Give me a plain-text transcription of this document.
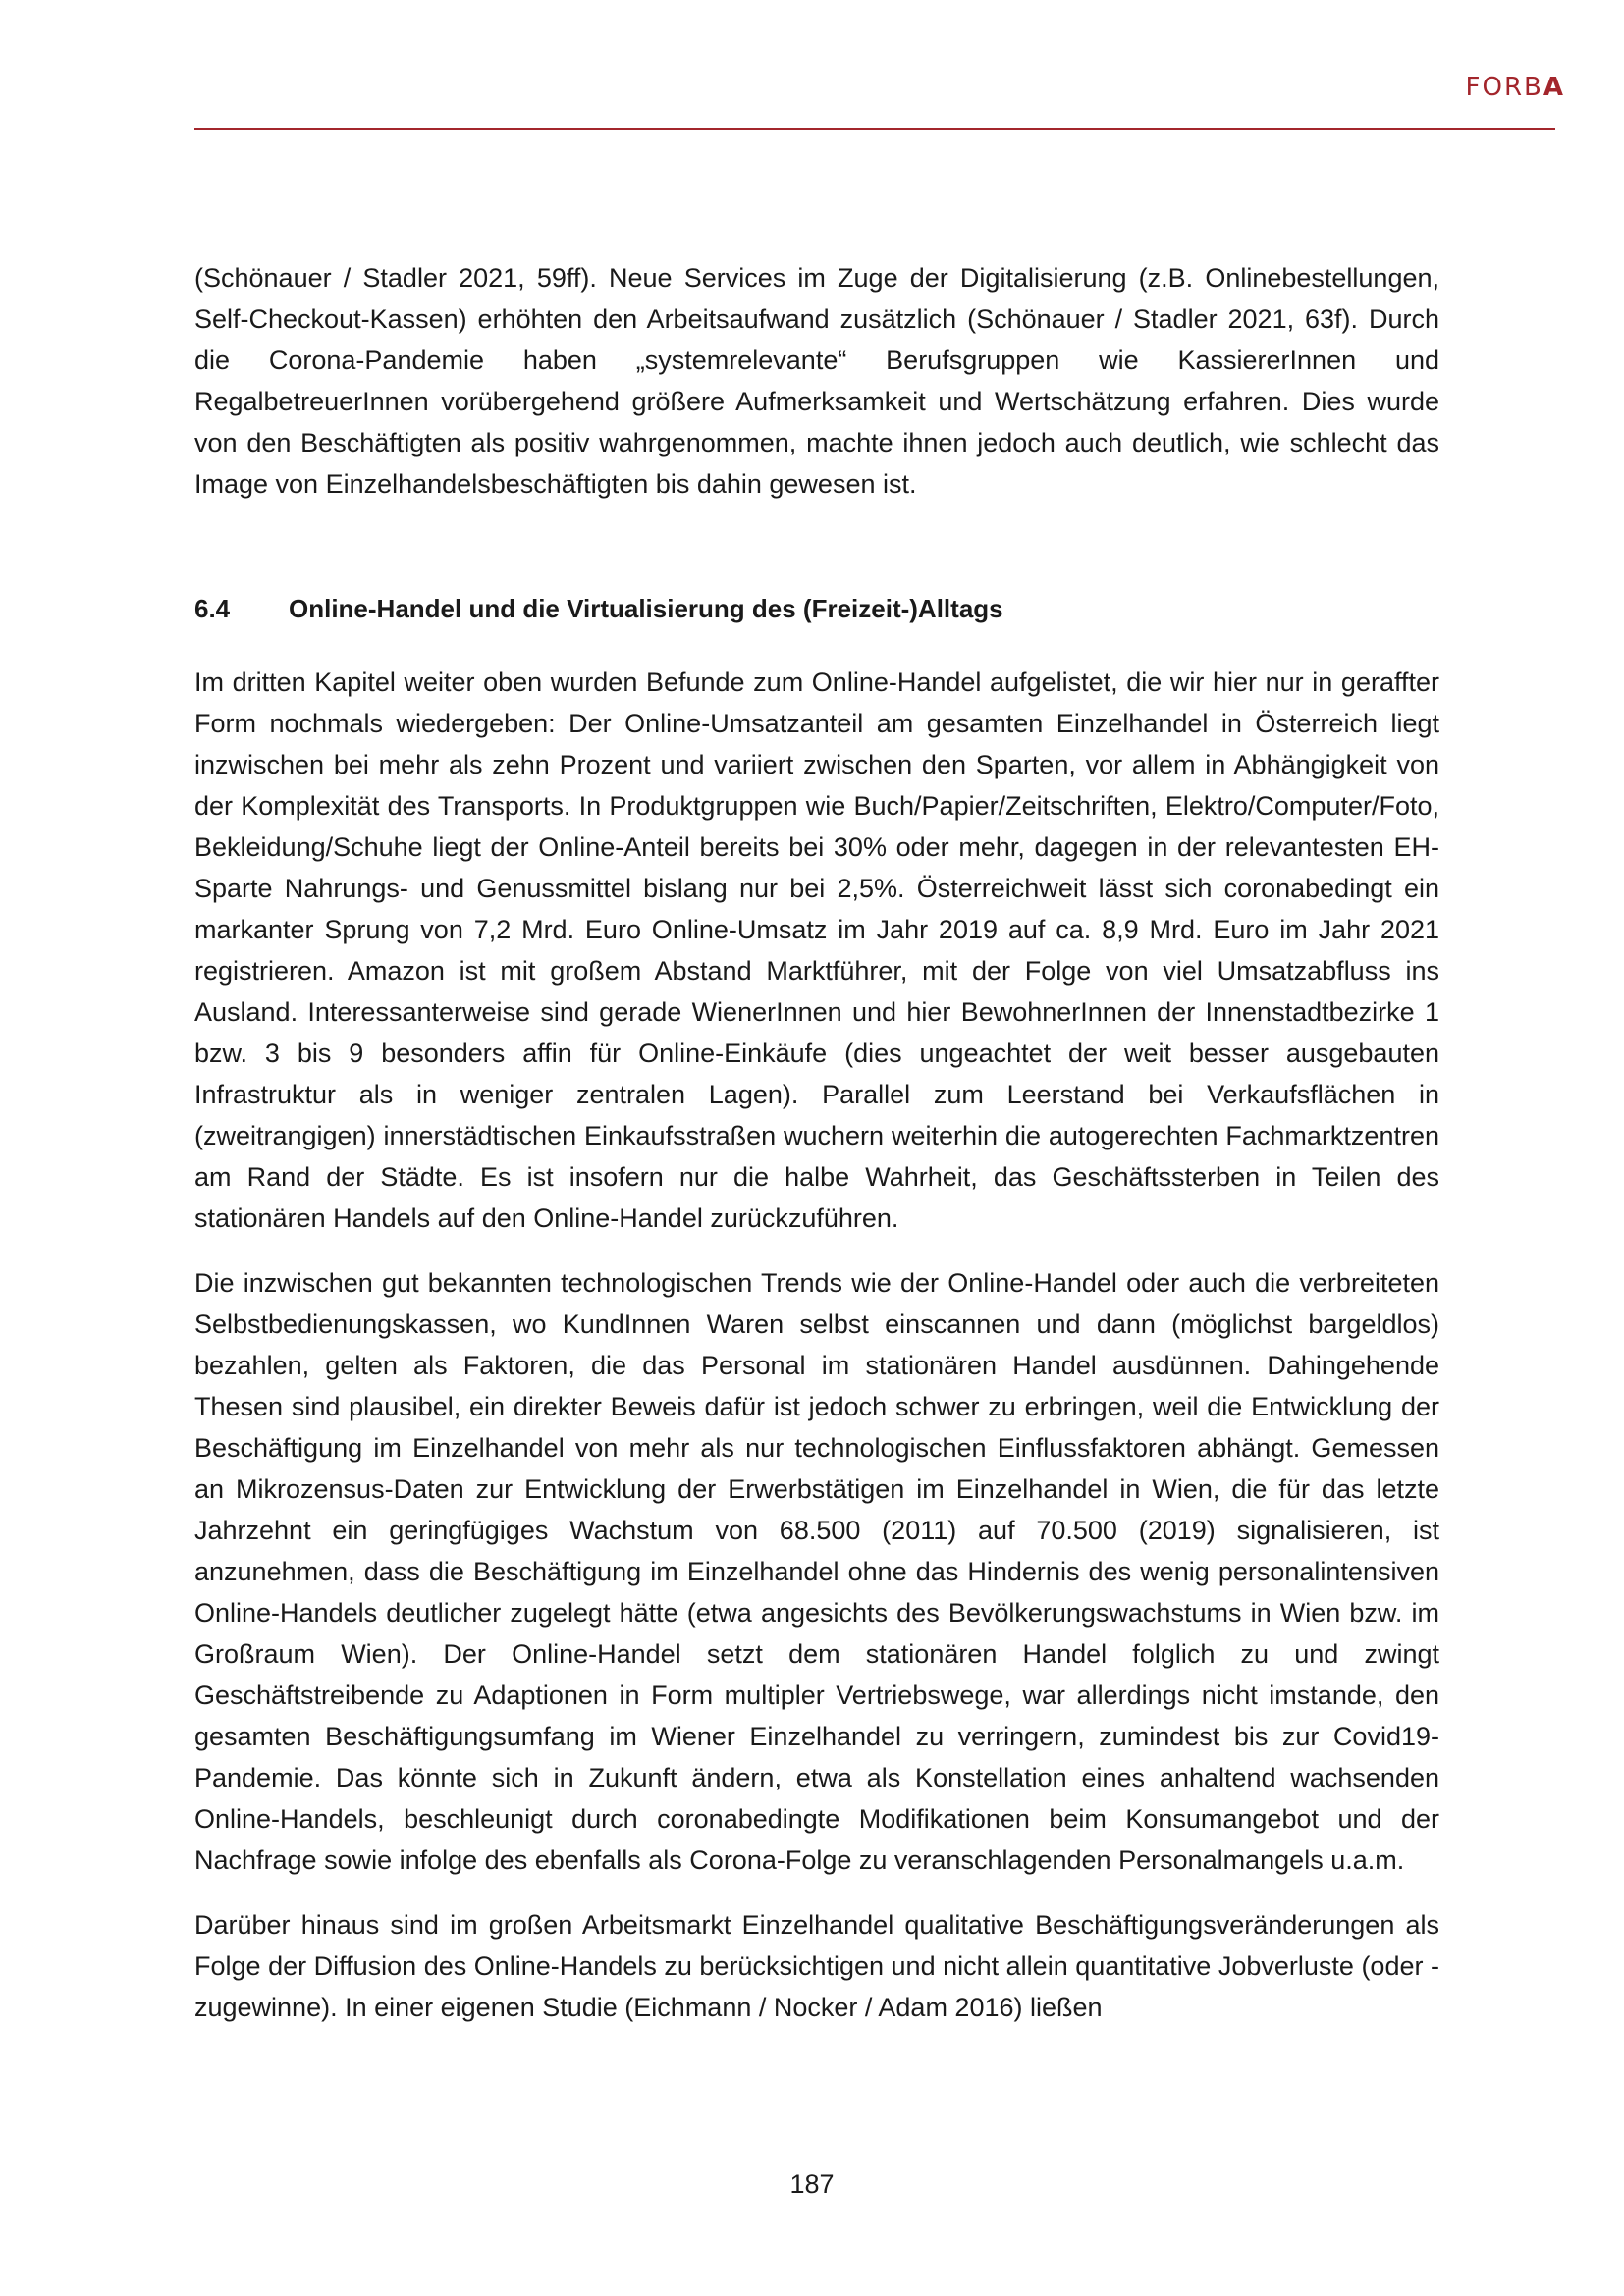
FORBA

(Schönauer / Stadler 2021, 59ff). Neue Services im Zuge der Digitalisierung (z.B. Onlinebestellungen, Self-Checkout-Kassen) erhöhten den Arbeitsaufwand zusätzlich (Schönauer / Stadler 2021, 63f). Durch die Corona-Pandemie haben „systemrelevante“ Berufsgruppen wie KassiererInnen und RegalbetreuerInnen vorübergehend größere Aufmerksamkeit und Wertschätzung erfahren. Dies wurde von den Beschäftigten als positiv wahrgenommen, machte ihnen jedoch auch deutlich, wie schlecht das Image von Einzelhandelsbeschäftigten bis dahin gewesen ist.

6.4	Online-Handel und die Virtualisierung des (Freizeit-)Alltags

Im dritten Kapitel weiter oben wurden Befunde zum Online-Handel aufgelistet, die wir hier nur in geraffter Form nochmals wiedergeben: Der Online-Umsatzanteil am gesamten Einzelhandel in Österreich liegt inzwischen bei mehr als zehn Prozent und variiert zwischen den Sparten, vor allem in Abhängigkeit von der Komplexität des Transports. In Produktgruppen wie Buch/Papier/Zeitschriften, Elektro/Computer/Foto, Bekleidung/Schuhe liegt der Online-Anteil bereits bei 30% oder mehr, dagegen in der relevantesten EH-Sparte Nahrungs- und Genussmittel bislang nur bei 2,5%. Österreichweit lässt sich coronabedingt ein markanter Sprung von 7,2 Mrd. Euro Online-Umsatz im Jahr 2019 auf ca. 8,9 Mrd. Euro im Jahr 2021 registrieren. Amazon ist mit großem Abstand Marktführer, mit der Folge von viel Umsatzabfluss ins Ausland. Interessanterweise sind gerade WienerInnen und hier BewohnerInnen der Innenstadtbezirke 1 bzw. 3 bis 9 besonders affin für Online-Einkäufe (dies ungeachtet der weit besser ausgebauten Infrastruktur als in weniger zentralen Lagen). Parallel zum Leerstand bei Verkaufsflächen in (zweitrangigen) innerstädtischen Einkaufsstraßen wuchern weiterhin die autogerechten Fachmarktzentren am Rand der Städte. Es ist insofern nur die halbe Wahrheit, das Geschäftssterben in Teilen des stationären Handels auf den Online-Handel zurückzuführen.

Die inzwischen gut bekannten technologischen Trends wie der Online-Handel oder auch die verbreiteten Selbstbedienungskassen, wo KundInnen Waren selbst einscannen und dann (möglichst bargeldlos) bezahlen, gelten als Faktoren, die das Personal im stationären Handel ausdünnen. Dahingehende Thesen sind plausibel, ein direkter Beweis dafür ist jedoch schwer zu erbringen, weil die Entwicklung der Beschäftigung im Einzelhandel von mehr als nur technologischen Einflussfaktoren abhängt. Gemessen an Mikrozensus-Daten zur Entwicklung der Erwerbstätigen im Einzelhandel in Wien, die für das letzte Jahrzehnt ein geringfügiges Wachstum von 68.500 (2011) auf 70.500 (2019) signalisieren, ist anzunehmen, dass die Beschäftigung im Einzelhandel ohne das Hindernis des wenig personalintensiven Online-Handels deutlicher zugelegt hätte (etwa angesichts des Bevölkerungswachstums in Wien bzw. im Großraum Wien). Der Online-Handel setzt dem stationären Handel folglich zu und zwingt Geschäftstreibende zu Adaptionen in Form multipler Vertriebswege, war allerdings nicht imstande, den gesamten Beschäftigungsumfang im Wiener Einzelhandel zu verringern, zumindest bis zur Covid19-Pandemie. Das könnte sich in Zukunft ändern, etwa als Konstellation eines anhaltend wachsenden Online-Handels, beschleunigt durch coronabedingte Modifikationen beim Konsumangebot und der Nachfrage sowie infolge des ebenfalls als Corona-Folge zu veranschlagenden Personalmangels u.a.m.

Darüber hinaus sind im großen Arbeitsmarkt Einzelhandel qualitative Beschäftigungsveränderungen als Folge der Diffusion des Online-Handels zu berücksichtigen und nicht allein quantitative Jobverluste (oder -zugewinne). In einer eigenen Studie (Eichmann / Nocker / Adam 2016) ließen

187
